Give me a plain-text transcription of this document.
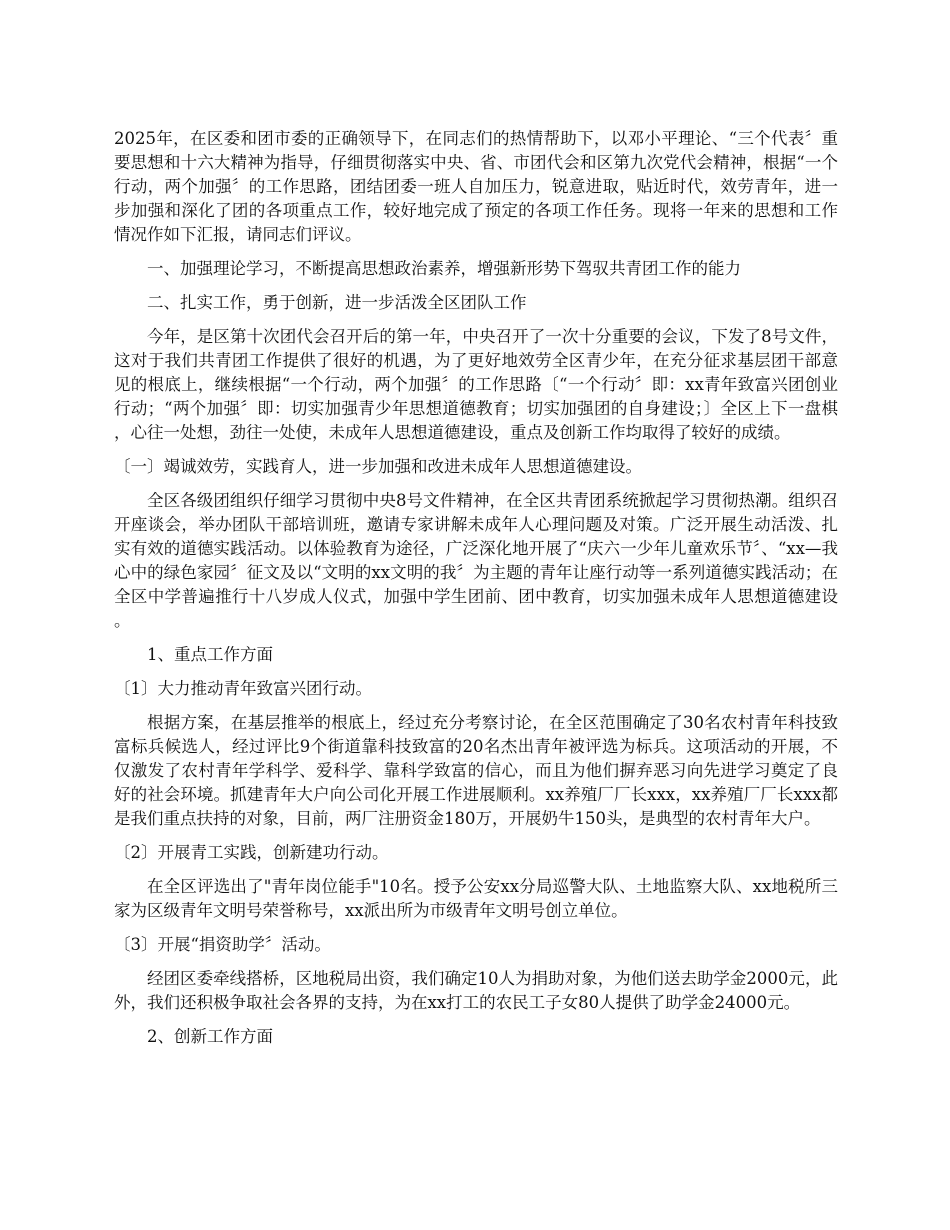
2025年，在区委和团市委的正确领导下，在同志们的热情帮助下，以邓小平理论、“三个代表〞重要思想和十六大精神为指导，仔细贯彻落实中央、省、市团代会和区第九次党代会精神，根据“一个行动，两个加强〞的工作思路，团结团委一班人自加压力，锐意进取，贴近时代，效劳青年，进一步加强和深化了团的各项重点工作，较好地完成了预定的各项工作任务。现将一年来的思想和工作情况作如下汇报，请同志们评议。

一、加强理论学习，不断提高思想政治素养，增强新形势下驾驭共青团工作的能力

二、扎实工作，勇于创新，进一步活泼全区团队工作

今年，是区第十次团代会召开后的第一年，中央召开了一次十分重要的会议，下发了8号文件，这对于我们共青团工作提供了很好的机遇，为了更好地效劳全区青少年，在充分征求基层团干部意见的根底上，继续根据“一个行动，两个加强〞的工作思路〔“一个行动〞即：xx青年致富兴团创业行动；“两个加强〞即：切实加强青少年思想道德教育；切实加强团的自身建设；〕全区上下一盘棋，心往一处想，劲往一处使，未成年人思想道德建设，重点及创新工作均取得了较好的成绩。

〔一〕竭诚效劳，实践育人，进一步加强和改进未成年人思想道德建设。

全区各级团组织仔细学习贯彻中央8号文件精神，在全区共青团系统掀起学习贯彻热潮。组织召开座谈会，举办团队干部培训班，邀请专家讲解未成年人心理问题及对策。广泛开展生动活泼、扎实有效的道德实践活动。以体验教育为途径，广泛深化地开展了“庆六一少年儿童欢乐节〞、“xx—我心中的绿色家园〞征文及以“文明的xx文明的我〞为主题的青年让座行动等一系列道德实践活动；在全区中学普遍推行十八岁成人仪式，加强中学生团前、团中教育，切实加强未成年人思想道德建设。

1、重点工作方面

〔1〕大力推动青年致富兴团行动。

根据方案，在基层推举的根底上，经过充分考察讨论，在全区范围确定了30名农村青年科技致富标兵候选人，经过评比9个街道靠科技致富的20名杰出青年被评选为标兵。这项活动的开展，不仅激发了农村青年学科学、爱科学、靠科学致富的信心，而且为他们摒弃恶习向先进学习奠定了良好的社会环境。抓建青年大户向公司化开展工作进展顺利。xx养殖厂厂长xxx，xx养殖厂厂长xxx都是我们重点扶持的对象，目前，两厂注册资金180万，开展奶牛150头，是典型的农村青年大户。

〔2〕开展青工实践，创新建功行动。

在全区评选出了"青年岗位能手"10名。授予公安xx分局巡警大队、土地监察大队、xx地税所三家为区级青年文明号荣誉称号，xx派出所为市级青年文明号创立单位。

〔3〕开展“捐资助学〞活动。

经团区委牵线搭桥，区地税局出资，我们确定10人为捐助对象，为他们送去助学金2000元，此外，我们还积极争取社会各界的支持，为在xx打工的农民工子女80人提供了助学金24000元。

2、创新工作方面
